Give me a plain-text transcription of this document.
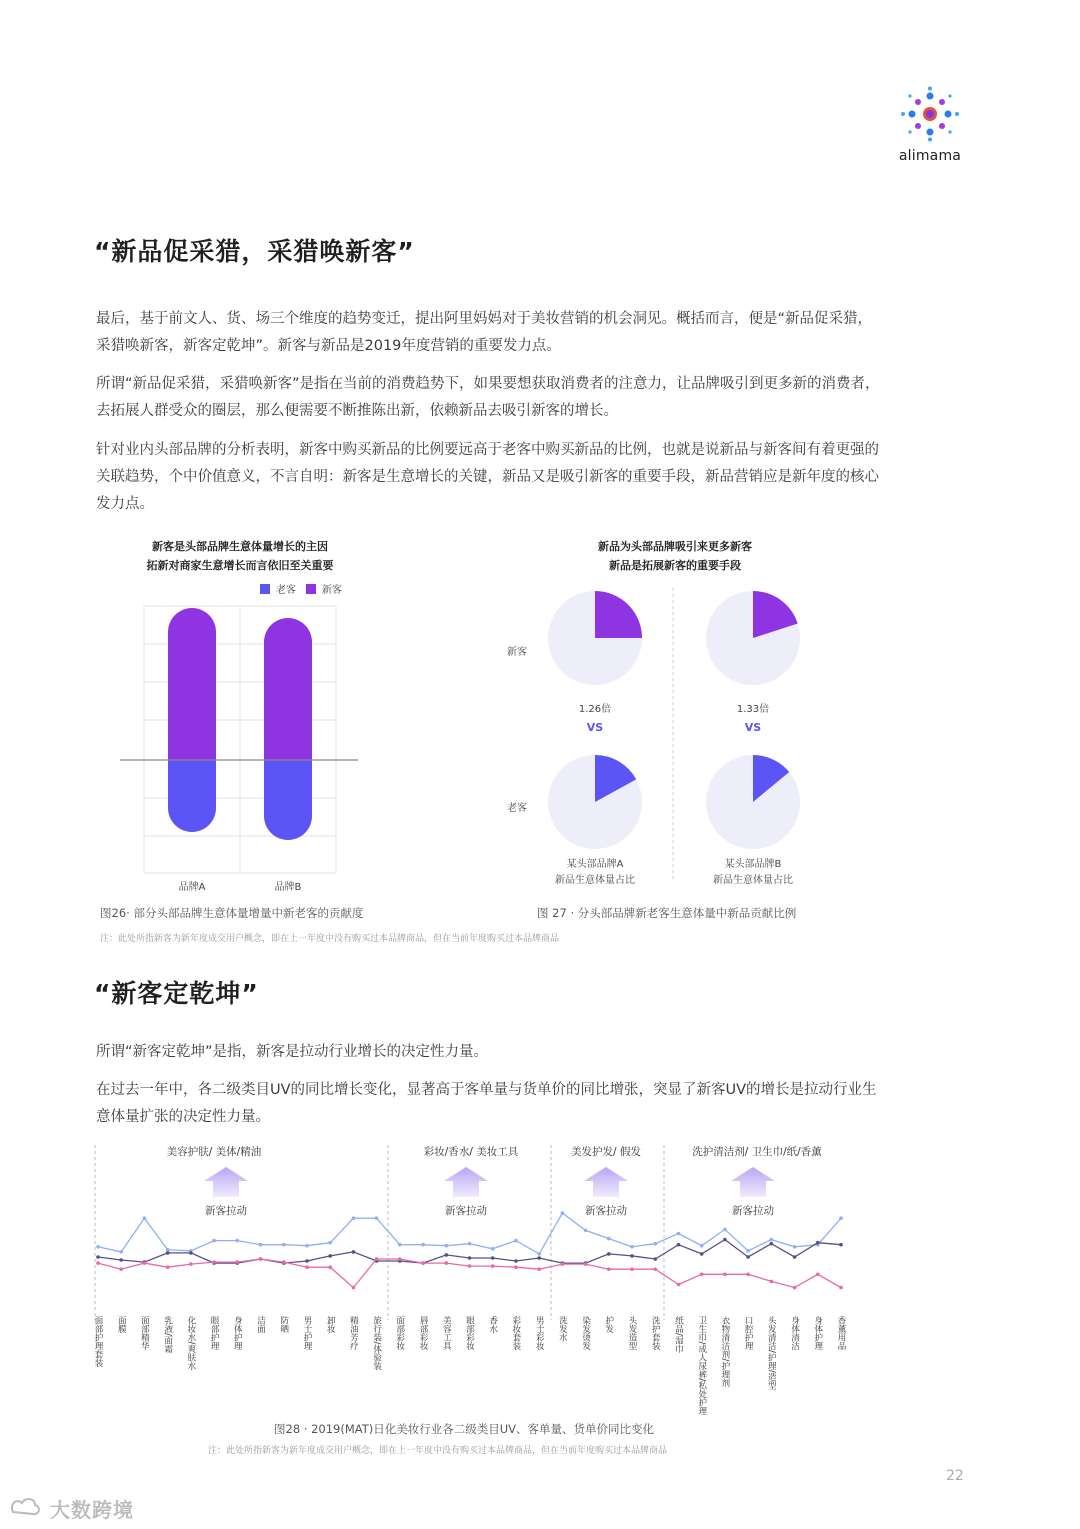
alimama
“新品促采猎，采猎唤新客”

最后，基于前文人、货、场三个维度的趋势变迁，提出阿里妈妈对于美妆营销的机会洞见。概括而言，便是“新品促采猎，采猎唤新客，新客定乾坤”。新客与新品是2019年度营销的重要发力点。

所谓“新品促采猎，采猎唤新客”是指在当前的消费趋势下，如果要想获取消费者的注意力，让品牌吸引到更多新的消费者，去拓展人群受众的圈层，那么便需要不断推陈出新，依赖新品去吸引新客的增长。

针对业内头部品牌的分析表明，新客中购买新品的比例要远高于老客中购买新品的比例，也就是说新品与新客间有着更强的关联趋势，个中价值意义，不言自明：新客是生意增长的关键，新品又是吸引新客的重要手段，新品营销应是新年度的核心发力点。

新客是头部品牌生意体量增长的主因
拓新对商家生意增长而言依旧至关重要
老客	新客
品牌A	品牌B
图26· 部分头部品牌生意体量增量中新老客的贡献度
注：此处所指新客为新年度成交用户概念，即在上一年度中没有购买过本品牌商品，但在当前年度购买过本品牌商品
新品为头部品牌吸引来更多新客
新品是拓展新客的重要手段
新客
老客
1.26倍
VS
1.33倍
VS
某头部品牌A
新品生意体量占比
某头部品牌B
新品生意体量占比
图 27 · 分头部品牌新老客生意体量中新品贡献比例
“新客定乾坤”

所谓“新客定乾坤”是指，新客是拉动行业增长的决定性力量。

在过去一年中，各二级类目UV的同比增长变化，显著高于客单量与货单价的同比增张，突显了新客UV的增长是拉动行业生意体量扩张的决定性力量。

美容护肤/ 美体/精油	彩妆/香水/ 美妆工具	美发护发/ 假发	洗护清洁剂/ 卫生巾/纸/香薰
新客拉动	新客拉动	新客拉动	新客拉动
面部护理套装 面膜 面部精华 乳液/面霜 化妆水/爽肤水 眼部护理 身体护理 洁面 防晒 男士护理 卸妆 精油芳疗 旅行装/体验装 面部彩妆 唇部彩妆 美容工具 眼部彩妆 香水 彩妆套装 男士彩妆 洗发水 染发烫发 护发 头发造型 洗护套装 纸品/湿巾 卫生巾/成人尿裤/私处护理 衣物清洁剂/护理剂 口腔护理 头发清洁/护理/造型 身体清洁 身体护理 香薰用品
图28 · 2019(MAT)日化美妆行业各二级类目UV、客单量、货单价同比变化
注：此处所指新客为新年度成交用户概念，即在上一年度中没有购买过本品牌商品，但在当前年度购买过本品牌商品
22
大数跨境
